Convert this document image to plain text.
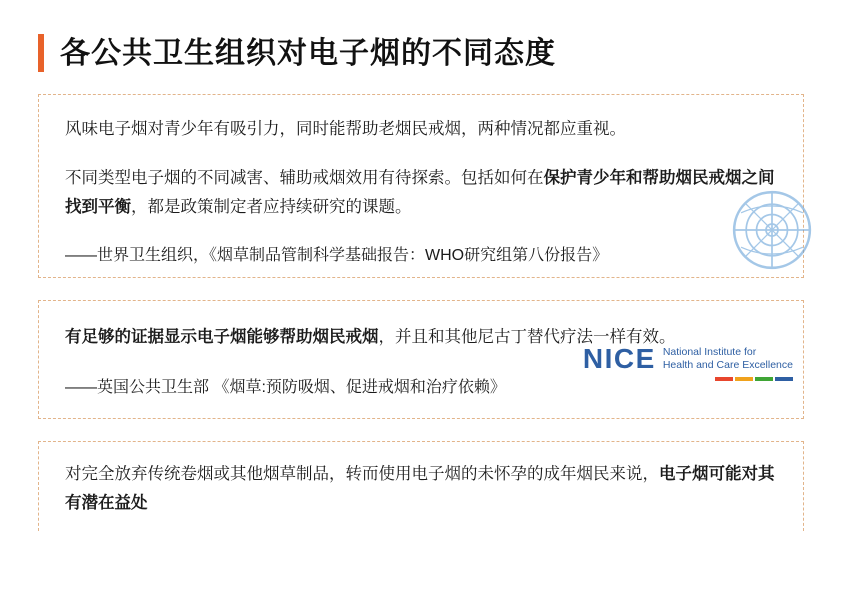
各公共卫生组织对电子烟的不同态度

风味电子烟对青少年有吸引力，同时能帮助老烟民戒烟，两种情况都应重视。

不同类型电子烟的不同减害、辅助戒烟效用有待探索。包括如何在保护青少年和帮助烟民戒烟之间找到平衡，都是政策制定者应持续研究的课题。

——世界卫生组织，《烟草制品管制科学基础报告：WHO研究组第八份报告》

有足够的证据显示电子烟能够帮助烟民戒烟，并且和其他尼古丁替代疗法一样有效。

——英国公共卫生部 《烟草:预防吸烟、促进戒烟和治疗依赖》

NICE National Institute for
Health and Care Excellence

对完全放弃传统卷烟或其他烟草制品，转而使用电子烟的未怀孕的成年烟民来说，电子烟可能对其有潜在益处
